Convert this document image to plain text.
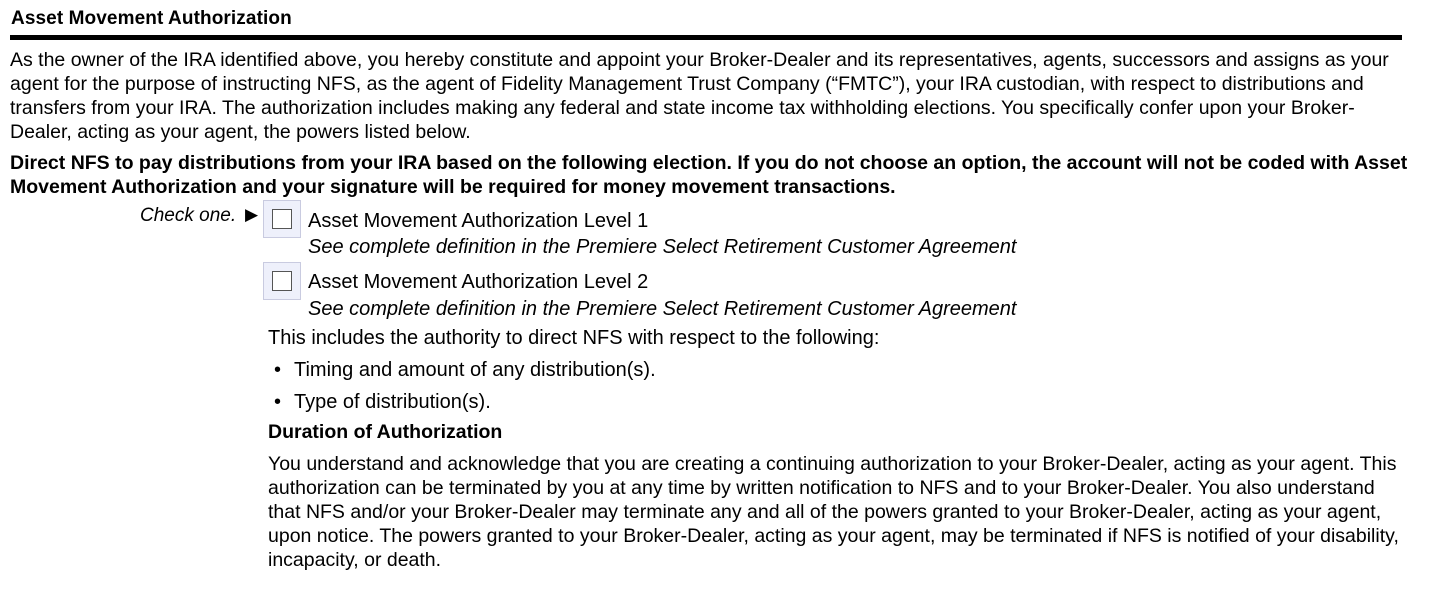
Asset Movement Authorization

As the owner of the IRA identified above, you hereby constitute and appoint your Broker-Dealer and its representatives, agents, successors and assigns as your agent for the purpose of instructing NFS, as the agent of Fidelity Management Trust Company (“FMTC”), your IRA custodian, with respect to distributions and transfers from your IRA. The authorization includes making any federal and state income tax withholding elections. You specifically confer upon your Broker-Dealer, acting as your agent, the powers listed below.

Direct NFS to pay distributions from your IRA based on the following election. If you do not choose an option, the account will not be coded with Asset Movement Authorization and your signature will be required for money movement transactions.

Check one. ▶ Asset Movement Authorization Level 1
See complete definition in the Premiere Select Retirement Customer Agreement
Asset Movement Authorization Level 2
See complete definition in the Premiere Select Retirement Customer Agreement
This includes the authority to direct NFS with respect to the following:
• Timing and amount of any distribution(s).
• Type of distribution(s).
Duration of Authorization

You understand and acknowledge that you are creating a continuing authorization to your Broker-Dealer, acting as your agent. This authorization can be terminated by you at any time by written notification to NFS and to your Broker-Dealer. You also understand that NFS and/or your Broker-Dealer may terminate any and all of the powers granted to your Broker-Dealer, acting as your agent, upon notice. The powers granted to your Broker-Dealer, acting as your agent, may be terminated if NFS is notified of your disability, incapacity, or death.
